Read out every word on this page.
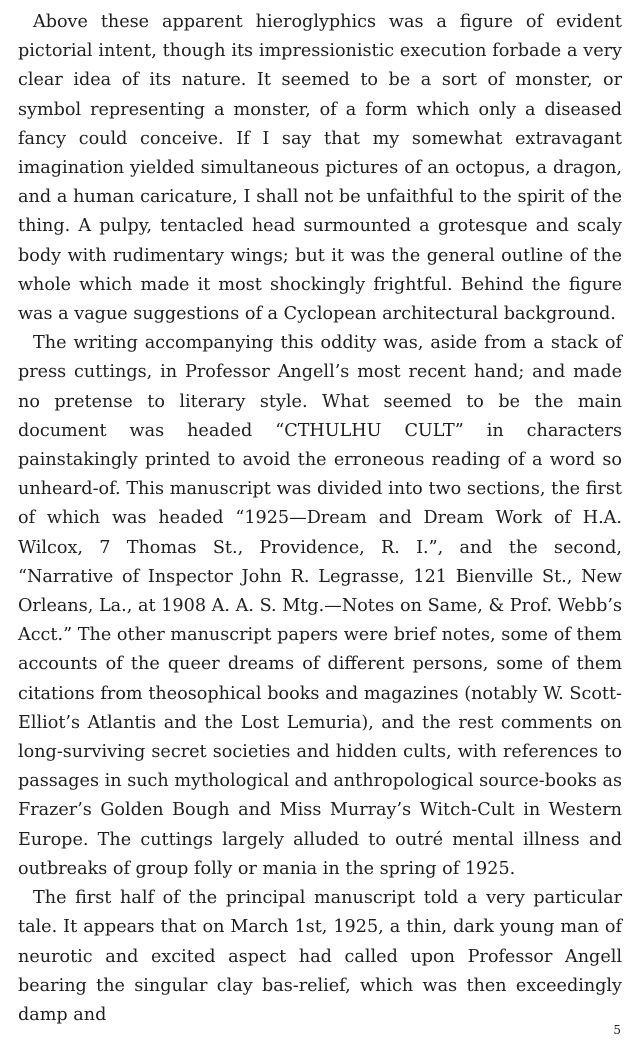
Above these apparent hieroglyphics was a figure of evident pictorial intent, though its impressionistic execution forbade a very clear idea of its nature. It seemed to be a sort of monster, or symbol representing a monster, of a form which only a diseased fancy could conceive. If I say that my somewhat extravagant imagination yielded simultaneous pictures of an octopus, a dragon, and a human caricature, I shall not be unfaithful to the spirit of the thing. A pulpy, tentacled head surmounted a grotesque and scaly body with rudimentary wings; but it was the general outline of the whole which made it most shockingly frightful. Behind the figure was a vague suggestions of a Cyclopean architectural background.

The writing accompanying this oddity was, aside from a stack of press cuttings, in Professor Angell’s most recent hand; and made no pretense to literary style. What seemed to be the main document was headed “CTHULHU CULT” in characters painstakingly printed to avoid the erroneous reading of a word so unheard-of. This manuscript was divided into two sections, the first of which was headed “1925—Dream and Dream Work of H.A. Wilcox, 7 Thomas St., Providence, R. I.”, and the second, “Narrative of Inspector John R. Legrasse, 121 Bienville St., New Orleans, La., at 1908 A. A. S. Mtg.—Notes on Same, & Prof. Webb’s Acct.” The other manuscript papers were brief notes, some of them accounts of the queer dreams of different persons, some of them citations from theosophical books and magazines (notably W. Scott-Elliot’s Atlantis and the Lost Lemuria), and the rest comments on long-surviving secret societies and hidden cults, with references to passages in such mythological and anthropological source-books as Frazer’s Golden Bough and Miss Murray’s Witch-Cult in Western Europe. The cuttings largely alluded to outré mental illness and outbreaks of group folly or mania in the spring of 1925.

The first half of the principal manuscript told a very particular tale. It appears that on March 1st, 1925, a thin, dark young man of neurotic and excited aspect had called upon Professor Angell bearing the singular clay bas-relief, which was then exceedingly damp and

5
